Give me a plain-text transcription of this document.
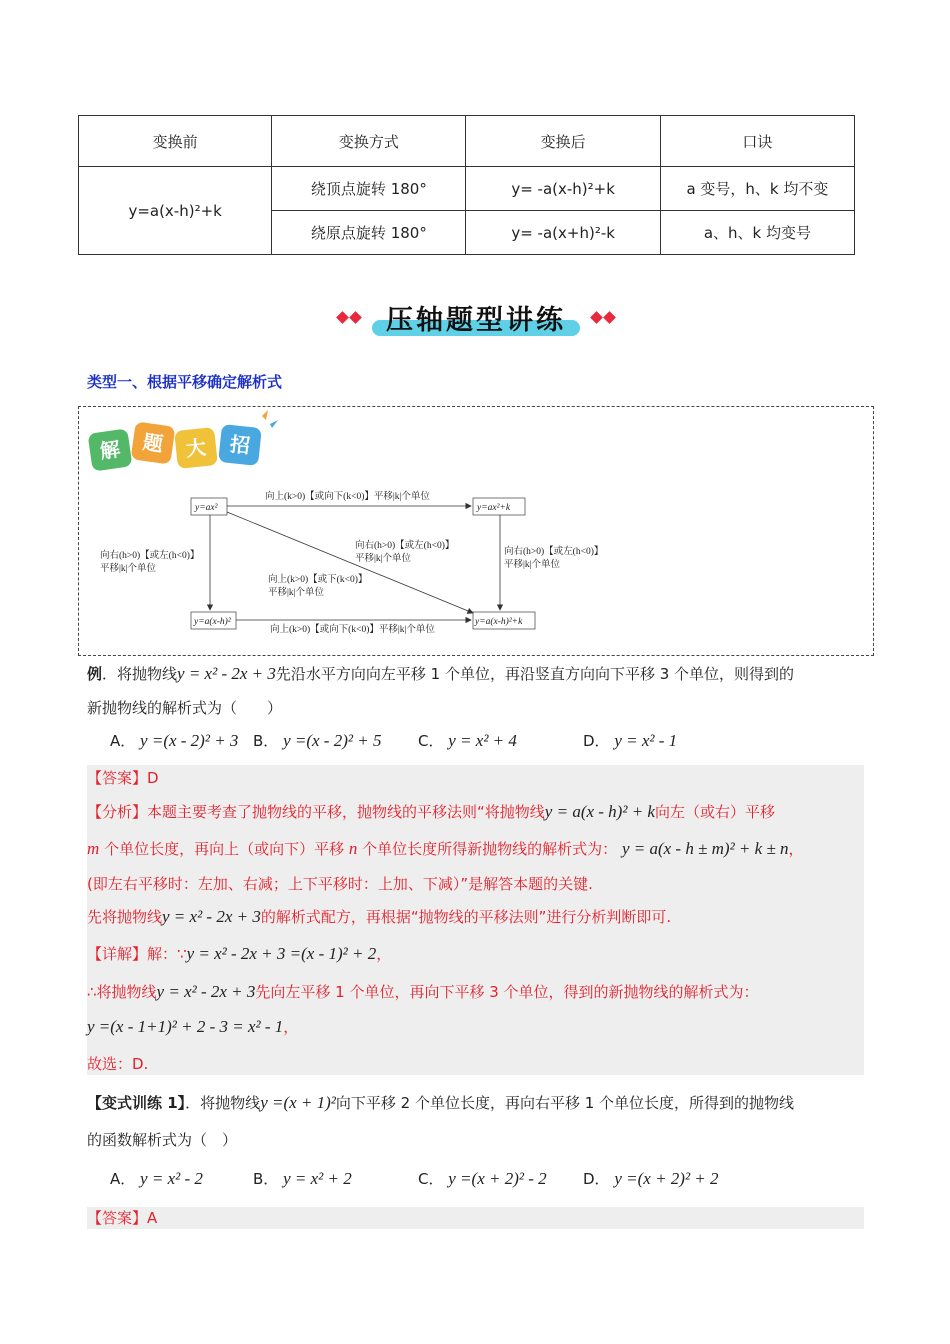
变换前	变换方式	变换后	口诀
y=a(x-h)²+k	绕顶点旋转 180°	y= -a(x-h)²+k	a 变号，h、k 均不变
	绕原点旋转 180°	y= -a(x+h)²-k	a、h、k 均变号
压轴题型讲练
类型一、根据平移确定解析式
解 题 大 招
y=ax²	y=ax²+k
y=a(x-h)²	y=a(x-h)²+k
向上(k>0)【或向下(k<0)】平移|k|个单位
向上(k>0)【或向下(k<0)】平移|k|个单位
向右(h>0)【或左(h<0)】
平移|k|个单位
向右(h>0)【或左(h<0)】
平移|k|个单位
向右(h>0)【或左(h<0)】
平移|k|个单位
向上(k>0)【或下(k<0)】
平移|k|个单位
例．将抛物线y = x² - 2x + 3先沿水平方向向左平移 1 个单位，再沿竖直方向向下平移 3 个单位，则得到的
新抛物线的解析式为（　　）
A． y =(x - 2)² + 3 B． y =(x - 2)² + 5 C． y = x² + 4	D． y = x² - 1
【答案】D
【分析】本题主要考查了抛物线的平移，抛物线的平移法则“将抛物线y = a(x - h)² + k向左（或右）平移
m 个单位长度，再向上（或向下）平移 n 个单位长度所得新抛物线的解析式为： y = a(x - h ± m)² + k ± n，
(即左右平移时：左加、右减；上下平移时：上加、下减）”是解答本题的关键.
先将抛物线y = x² - 2x + 3的解析式配方，再根据“抛物线的平移法则”进行分析判断即可.
【详解】解：∵y = x² - 2x + 3 =(x - 1)² + 2，
∴将抛物线y = x² - 2x + 3先向左平移 1 个单位，再向下平移 3 个单位，得到的新抛物线的解析式为：
y =(x - 1+1)² + 2 - 3 = x² - 1，
故选：D.
【变式训练 1】．将抛物线y =(x + 1)²向下平移 2 个单位长度，再向右平移 1 个单位长度，所得到的抛物线
的函数解析式为（　）
A． y = x² - 2	B． y = x² + 2	C． y =(x + 2)² - 2 D． y =(x + 2)² + 2
【答案】A
